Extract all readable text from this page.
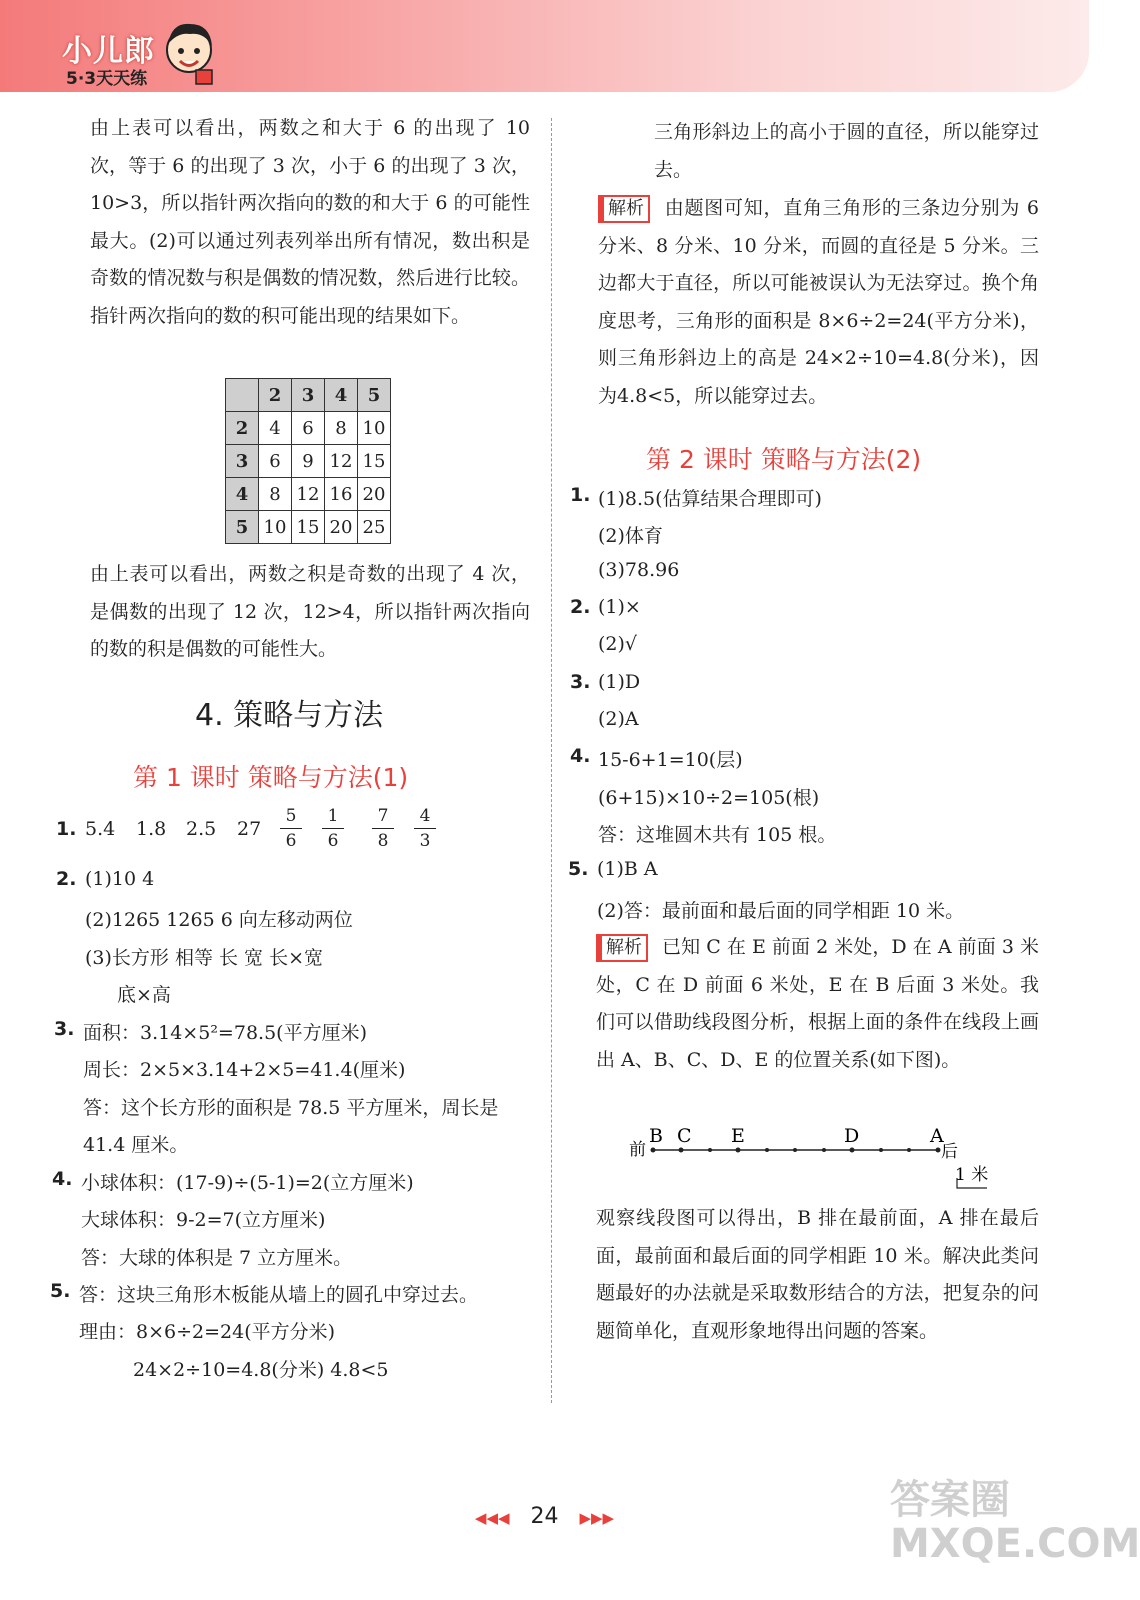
小儿郎
5·3天天练
由上表可以看出，两数之和大于 6 的出现了 10 次，等于 6 的出现了 3 次，小于 6 的出现了 3 次，10>3，所以指针两次指向的数的和大于 6 的可能性最大。(2)可以通过列表列举出所有情况，数出积是奇数的情况数与积是偶数的情况数，然后进行比较。指针两次指向的数的积可能出现的结果如下。
	2	3	4	5
2	4	6	8	10
3	6	9	12	15
4	8	12	16	20
5	10	15	20	25
由上表可以看出，两数之积是奇数的出现了 4 次，是偶数的出现了 12 次，12>4，所以指针两次指向的数的积是偶数的可能性大。
4. 策略与方法
第 1 课时 策略与方法(1)
1. 5.4 1.8 2.5 $27 \frac{5}{6} \frac{1}{6} \frac{7}{8} \frac{4}{3}$
2. (1)10 4
(2)1265 1265 6 向左移动两位
(3)长方形 相等 长 宽 长×宽
底×高
3. 面积：3.14×5²=78.5(平方厘米)
周长：2×5×3.14+2×5=41.4(厘米)
答：这个长方形的面积是 78.5 平方厘米，周长是
41.4 厘米。
4. 小球体积：(17-9)÷(5-1)=2(立方厘米)
大球体积：9-2=7(立方厘米)
答：大球的体积是 7 立方厘米。
5. 答：这块三角形木板能从墙上的圆孔中穿过去。
理由：8×6÷2=24(平方分米)
24×2÷10=4.8(分米) 4.8<5
三角形斜边上的高小于圆的直径，所以能穿过去。
解析 由题图可知，直角三角形的三条边分别为 6 分米、8 分米、10 分米，而圆的直径是 5 分米。三边都大于直径，所以可能被误认为无法穿过。换个角度思考，三角形的面积是 8×6÷2=24(平方分米)，则三角形斜边上的高是 24×2÷10=4.8(分米)，因为4.8<5，所以能穿过去。
第 2 课时 策略与方法(2)
1. (1)8.5(估算结果合理即可)
(2)体育
(3)78.96
2. (1)×
(2)√
3. (1)D
(2)A
4. 15-6+1=10(层)
(6+15)×10÷2=105(根)
答：这堆圆木共有 105 根。
5. (1)B A
(2)答：最前面和最后面的同学相距 10 米。
解析 已知 C 在 E 前面 2 米处，D 在 A 前面 3 米处，C 在 D 前面 6 米处，E 在 B 后面 3 米处。我们可以借助线段图分析，根据上面的条件在线段上画出 A、B、C、D、E 的位置关系(如下图)。
前
B C E	D	A
后
1 米
观察线段图可以得出，B 排在最前面，A 排在最后面，最前面和最后面的同学相距 10 米。解决此类问题最好的办法就是采取数形结合的方法，把复杂的问题简单化，直观形象地得出问题的答案。
◀◀◀ 24 ▶▶▶	答案圈 MXQE.COM
